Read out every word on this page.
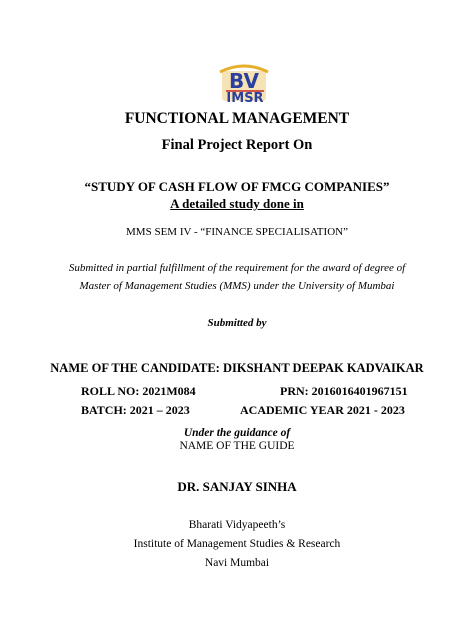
BV
IMSR
FUNCTIONAL MANAGEMENT
Final Project Report On
“STUDY OF CASH FLOW OF FMCG COMPANIES”
A detailed study done in
MMS SEM IV - “FINANCE SPECIALISATION”
Submitted in partial fulfillment of the requirement for the award of degree of
Master of Management Studies (MMS) under the University of Mumbai
Submitted by
NAME OF THE CANDIDATE: DIKSHANT DEEPAK KADVAIKAR
ROLL NO: 2021M084	PRN: 2016016401967151
BATCH: 2021 – 2023	ACADEMIC YEAR 2021 - 2023
Under the guidance of
NAME OF THE GUIDE
DR. SANJAY SINHA
Bharati Vidyapeeth’s
Institute of Management Studies & Research
Navi Mumbai
